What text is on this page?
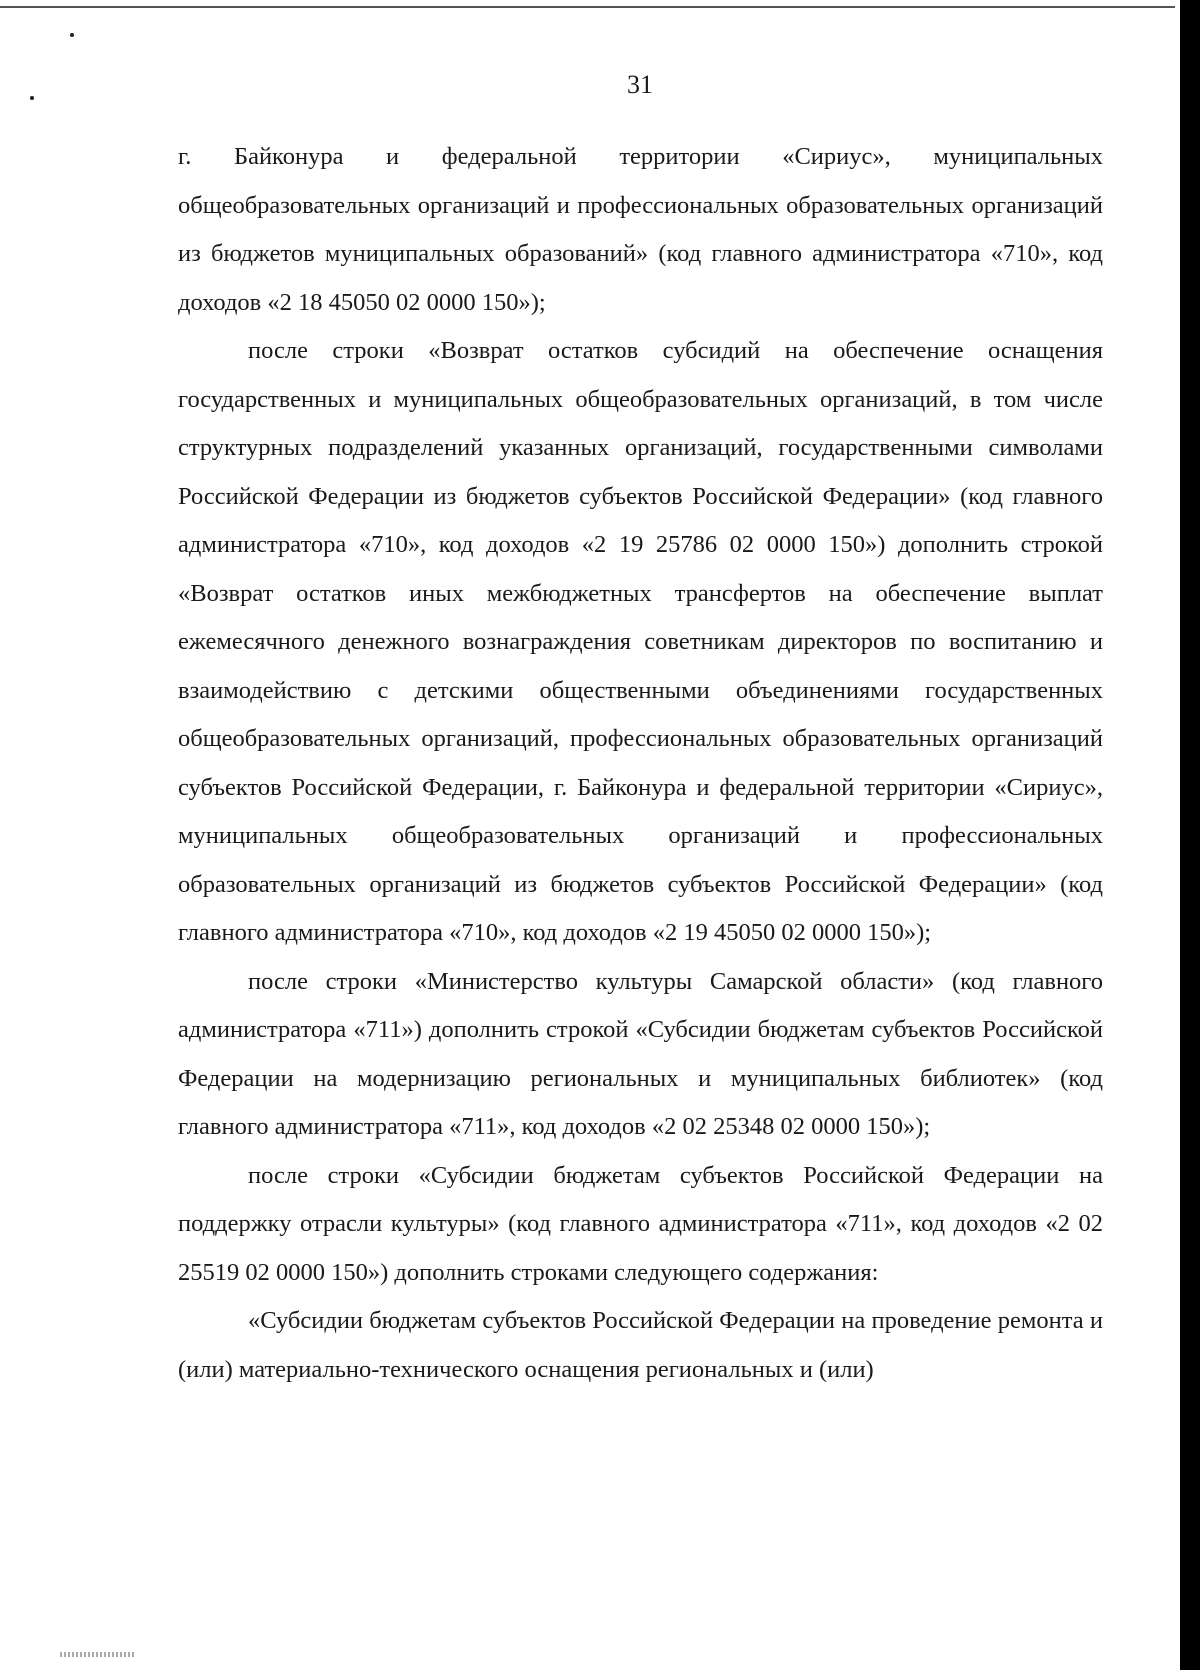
31

г. Байконура и федеральной территории «Сириус», муниципальных общеобразовательных организаций и профессиональных образовательных организаций из бюджетов муниципальных образований» (код главного администратора «710», код доходов «2 18 45050 02 0000 150»);

после строки «Возврат остатков субсидий на обеспечение оснащения государственных и муниципальных общеобразовательных организаций, в том числе структурных подразделений указанных организаций, государственными символами Российской Федерации из бюджетов субъектов Российской Федерации» (код главного администратора «710», код доходов «2 19 25786 02 0000 150») дополнить строкой «Возврат остатков иных межбюджетных трансфертов на обеспечение выплат ежемесячного денежного вознаграждения советникам директоров по воспитанию и взаимодействию с детскими общественными объединениями государственных общеобразовательных организаций, профессиональных образовательных организаций субъектов Российской Федерации, г. Байконура и федеральной территории «Сириус», муниципальных общеобразовательных организаций и профессиональных образовательных организаций из бюджетов субъектов Российской Федерации» (код главного администратора «710», код доходов «2 19 45050 02 0000 150»);

после строки «Министерство культуры Самарской области» (код главного администратора «711») дополнить строкой «Субсидии бюджетам субъектов Российской Федерации на модернизацию региональных и муниципальных библиотек» (код главного администратора «711», код доходов «2 02 25348 02 0000 150»);

после строки «Субсидии бюджетам субъектов Российской Федерации на поддержку отрасли культуры» (код главного администратора «711», код доходов «2 02 25519 02 0000 150») дополнить строками следующего содержания:

«Субсидии бюджетам субъектов Российской Федерации на проведение ремонта и (или) материально-технического оснащения региональных и (или)
